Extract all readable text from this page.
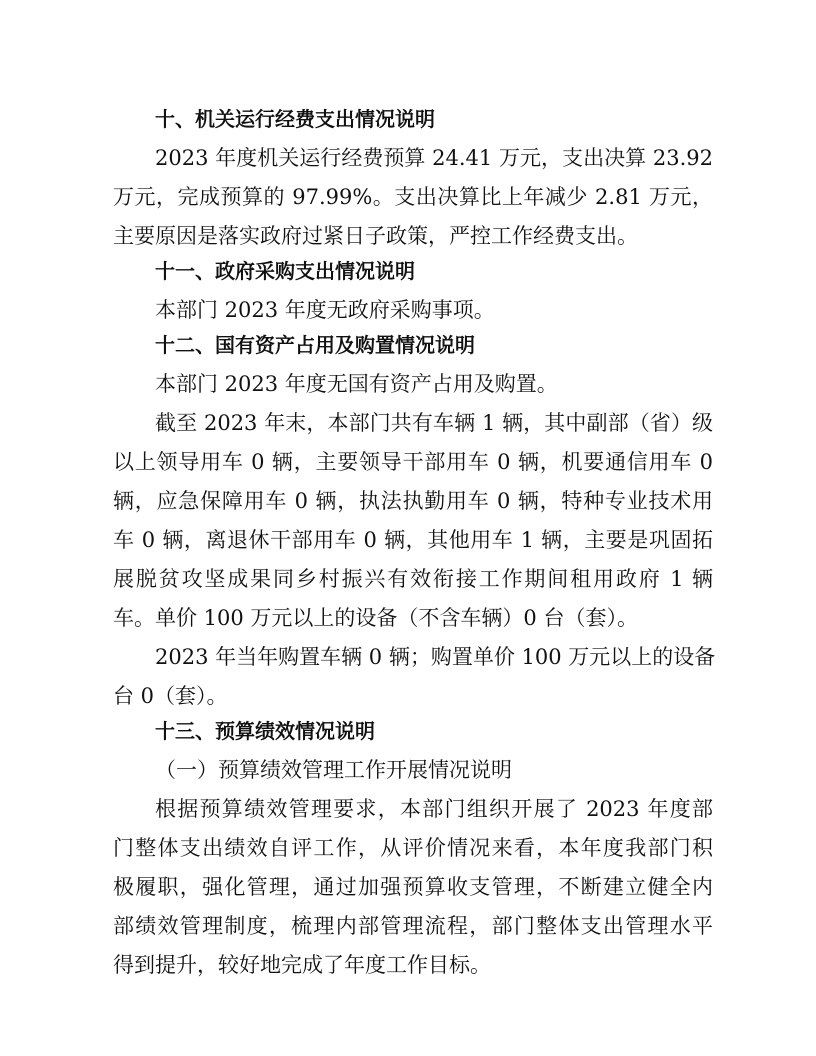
十、机关运行经费支出情况说明
2023 年度机关运行经费预算 24.41 万元，支出决算 23.92
万元，完成预算的 97.99%。支出决算比上年减少 2.81 万元，
主要原因是落实政府过紧日子政策，严控工作经费支出。
十一、政府采购支出情况说明
本部门 2023 年度无政府采购事项。
十二、国有资产占用及购置情况说明
本部门 2023 年度无国有资产占用及购置。
截至 2023 年末，本部门共有车辆 1 辆，其中副部（省）级
以上领导用车 0 辆，主要领导干部用车 0 辆，机要通信用车 0
辆，应急保障用车 0 辆，执法执勤用车 0 辆，特种专业技术用
车 0 辆，离退休干部用车 0 辆，其他用车 1 辆，主要是巩固拓
展脱贫攻坚成果同乡村振兴有效衔接工作期间租用政府 1 辆
车。单价 100 万元以上的设备（不含车辆）0 台（套）。
2023 年当年购置车辆 0 辆；购置单价 100 万元以上的设备
台 0（套）。
十三、预算绩效情况说明
（一）预算绩效管理工作开展情况说明
根据预算绩效管理要求，本部门组织开展了 2023 年度部
门整体支出绩效自评工作，从评价情况来看，本年度我部门积
极履职，强化管理，通过加强预算收支管理，不断建立健全内
部绩效管理制度，梳理内部管理流程，部门整体支出管理水平
得到提升，较好地完成了年度工作目标。
